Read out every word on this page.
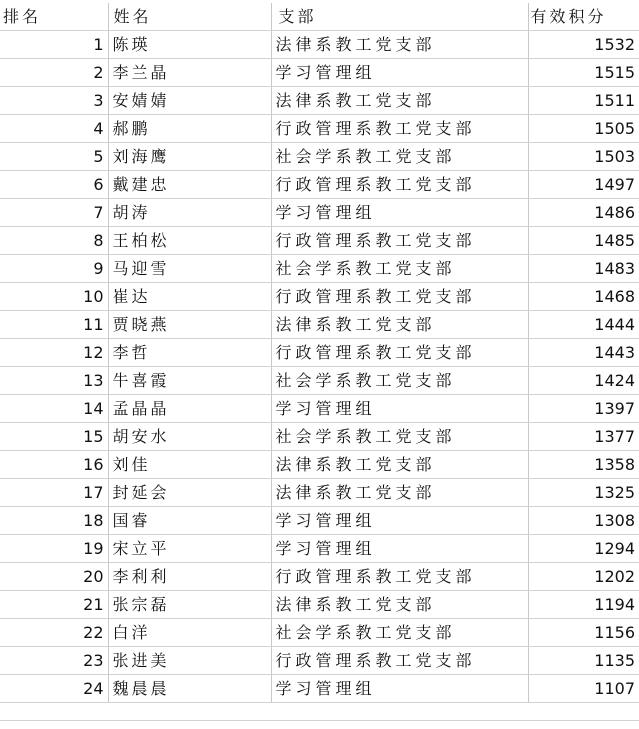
排名	姓名	支部	有效积分
1	陈瑛	法律系教工党支部	1532
2	李兰晶	学习管理组	1515
3	安婧婧	法律系教工党支部	1511
4	郝鹏	行政管理系教工党支部	1505
5	刘海鹰	社会学系教工党支部	1503
6	戴建忠	行政管理系教工党支部	1497
7	胡涛	学习管理组	1486
8	王柏松	行政管理系教工党支部	1485
9	马迎雪	社会学系教工党支部	1483
10	崔达	行政管理系教工党支部	1468
11	贾晓燕	法律系教工党支部	1444
12	李哲	行政管理系教工党支部	1443
13	牛喜霞	社会学系教工党支部	1424
14	孟晶晶	学习管理组	1397
15	胡安水	社会学系教工党支部	1377
16	刘佳	法律系教工党支部	1358
17	封延会	法律系教工党支部	1325
18	国睿	学习管理组	1308
19	宋立平	学习管理组	1294
20	李利利	行政管理系教工党支部	1202
21	张宗磊	法律系教工党支部	1194
22	白洋	社会学系教工党支部	1156
23	张进美	行政管理系教工党支部	1135
24	魏晨晨	学习管理组	1107
